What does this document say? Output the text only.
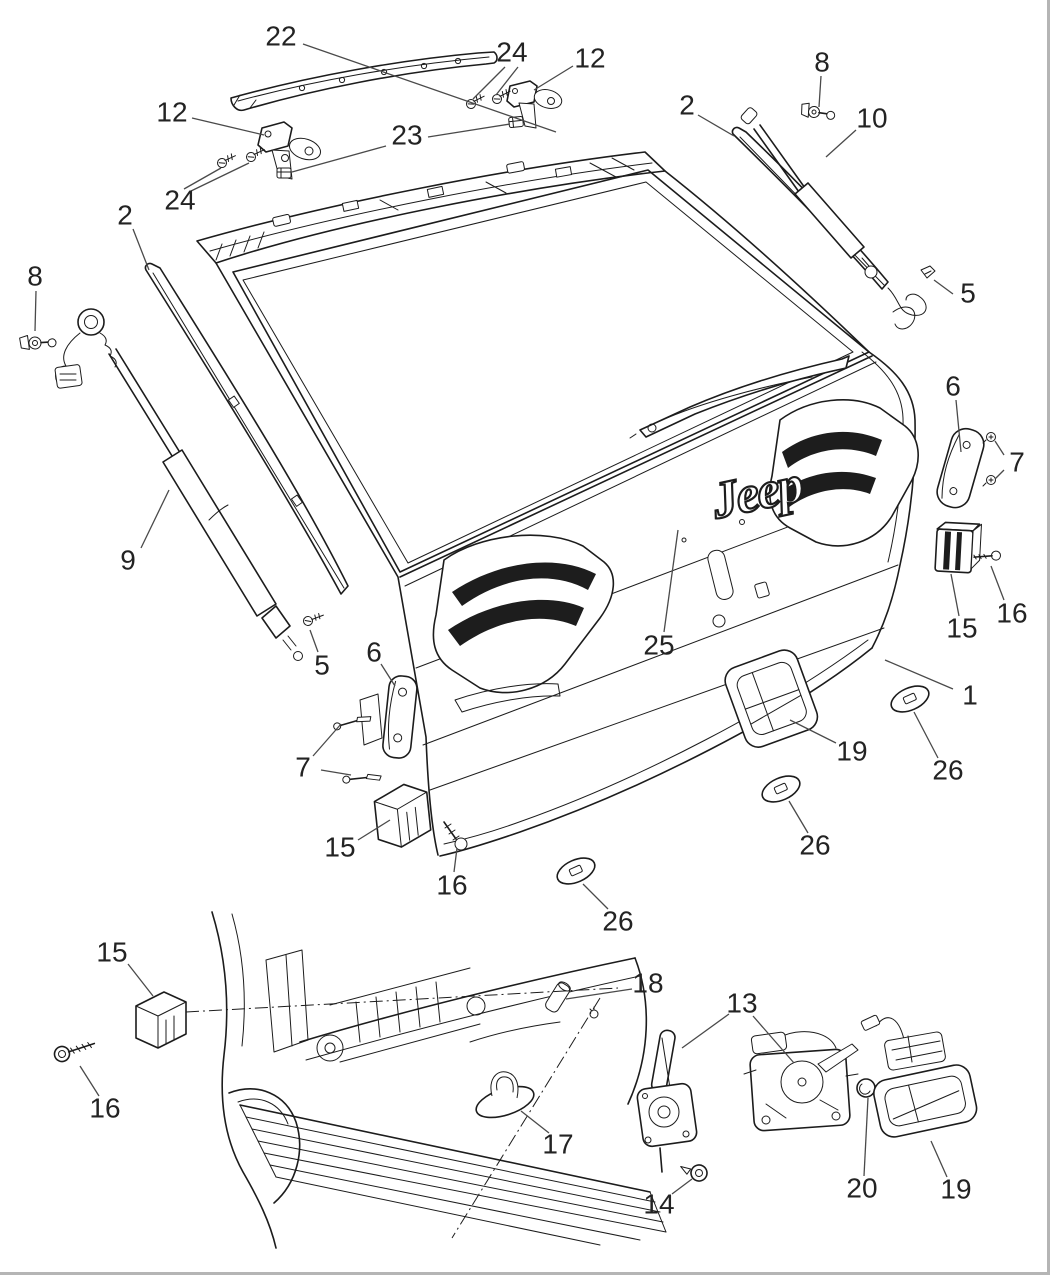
Jeep
22
24 12
2
8
10
5
12
24
23
2
8
9
5 6
7
15
16
25
1
19
26
26
26
6
7
15 16
15
16
18
17
13
14
20 19
